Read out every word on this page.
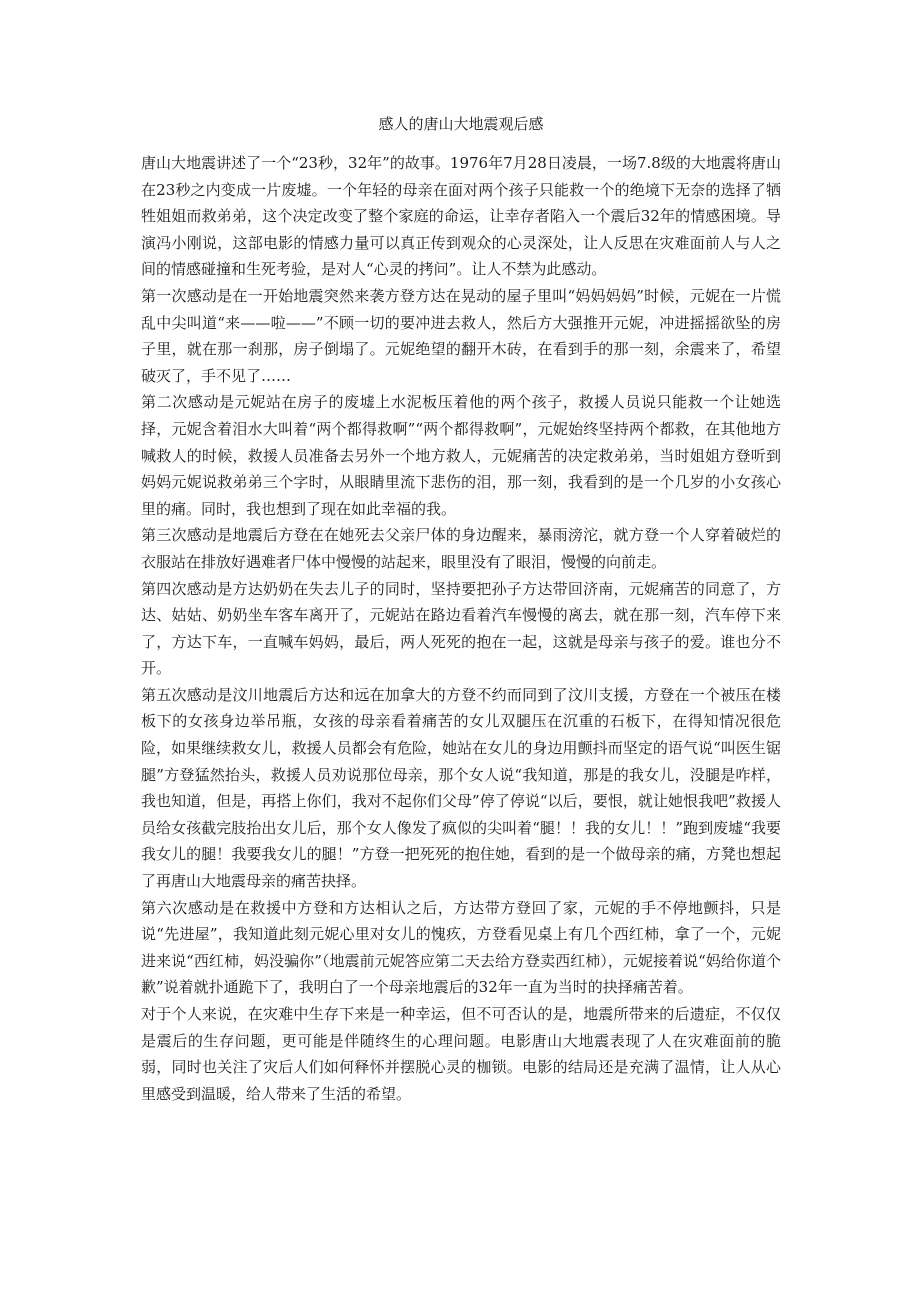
感人的唐山大地震观后感

唐山大地震讲述了一个“23秒，32年”的故事。1976年7月28日凌晨，一场7.8级的大地震将唐山在23秒之内变成一片废墟。一个年轻的母亲在面对两个孩子只能救一个的绝境下无奈的选择了牺牲姐姐而救弟弟，这个决定改变了整个家庭的命运，让幸存者陷入一个震后32年的情感困境。导演冯小刚说，这部电影的情感力量可以真正传到观众的心灵深处，让人反思在灾难面前人与人之间的情感碰撞和生死考验，是对人“心灵的拷问”。让人不禁为此感动。

第一次感动是在一开始地震突然来袭方登方达在晃动的屋子里叫“妈妈妈妈”时候，元妮在一片慌乱中尖叫道“来——啦——”不顾一切的要冲进去救人，然后方大强推开元妮，冲进摇摇欲坠的房子里，就在那一刹那，房子倒塌了。元妮绝望的翻开木砖，在看到手的那一刻，余震来了，希望破灭了，手不见了……

第二次感动是元妮站在房子的废墟上水泥板压着他的两个孩子，救援人员说只能救一个让她选择，元妮含着泪水大叫着“两个都得救啊”“两个都得救啊”，元妮始终坚持两个都救，在其他地方喊救人的时候，救援人员准备去另外一个地方救人，元妮痛苦的决定救弟弟，当时姐姐方登听到妈妈元妮说救弟弟三个字时，从眼睛里流下悲伤的泪，那一刻，我看到的是一个几岁的小女孩心里的痛。同时，我也想到了现在如此幸福的我。

第三次感动是地震后方登在在她死去父亲尸体的身边醒来，暴雨滂沱，就方登一个人穿着破烂的衣服站在排放好遇难者尸体中慢慢的站起来，眼里没有了眼泪，慢慢的向前走。

第四次感动是方达奶奶在失去儿子的同时，坚持要把孙子方达带回济南，元妮痛苦的同意了，方达、姑姑、奶奶坐车客车离开了，元妮站在路边看着汽车慢慢的离去，就在那一刻，汽车停下来了，方达下车，一直喊车妈妈，最后，两人死死的抱在一起，这就是母亲与孩子的爱。谁也分不开。

第五次感动是汶川地震后方达和远在加拿大的方登不约而同到了汶川支援，方登在一个被压在楼板下的女孩身边举吊瓶，女孩的母亲看着痛苦的女儿双腿压在沉重的石板下，在得知情况很危险，如果继续救女儿，救援人员都会有危险，她站在女儿的身边用颤抖而坚定的语气说“叫医生锯腿”方登猛然抬头，救援人员劝说那位母亲，那个女人说“我知道，那是的我女儿，没腿是咋样，我也知道，但是，再搭上你们，我对不起你们父母”停了停说“以后，要恨，就让她恨我吧”救援人员给女孩截完肢抬出女儿后，那个女人像发了疯似的尖叫着“腿！！我的女儿！！”跑到废墟“我要我女儿的腿！我要我女儿的腿！”方登一把死死的抱住她，看到的是一个做母亲的痛，方凳也想起了再唐山大地震母亲的痛苦抉择。

第六次感动是在救援中方登和方达相认之后，方达带方登回了家，元妮的手不停地颤抖，只是说“先进屋”，我知道此刻元妮心里对女儿的愧疚，方登看见桌上有几个西红柿，拿了一个，元妮进来说“西红柿，妈没骗你”（地震前元妮答应第二天去给方登卖西红柿），元妮接着说“妈给你道个歉”说着就扑通跪下了，我明白了一个母亲地震后的32年一直为当时的抉择痛苦着。

对于个人来说，在灾难中生存下来是一种幸运，但不可否认的是，地震所带来的后遗症，不仅仅是震后的生存问题，更可能是伴随终生的心理问题。电影唐山大地震表现了人在灾难面前的脆弱，同时也关注了灾后人们如何释怀并摆脱心灵的枷锁。电影的结局还是充满了温情，让人从心里感受到温暖，给人带来了生活的希望。
